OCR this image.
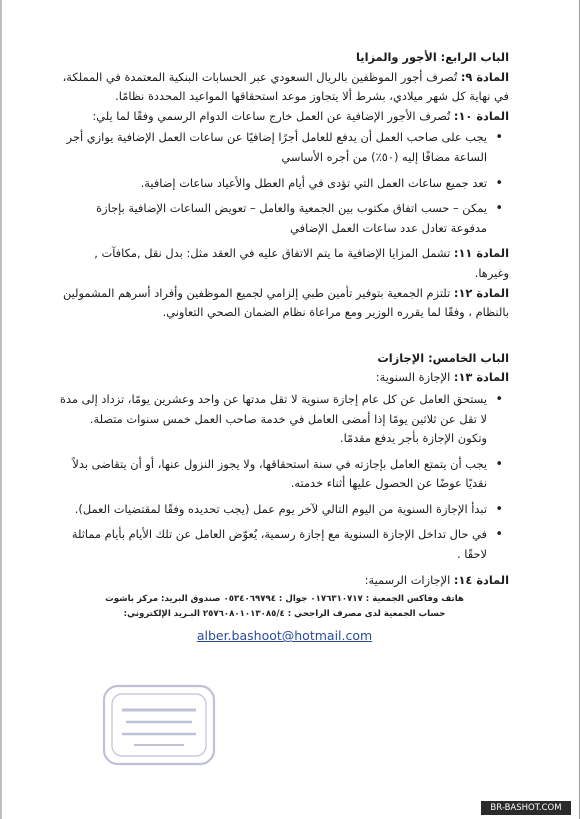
الباب الرابع: الأجور والمزايا

المادة ٩: تُصرف أجور الموظفين بالريال السعودي عبر الحسابات البنكية المعتمدة في المملكة، في نهاية كل شهر ميلادي، بشرط ألا يتجاوز موعد استحقاقها المواعيد المحددة نظامًا.

المادة ١٠: تُصرف الأجور الإضافية عن العمل خارج ساعات الدوام الرسمي وفقًا لما يلي:

• يجب على صاحب العمل أن يدفع للعامل أجرًا إضافيًا عن ساعات العمل الإضافية يوازي أجر الساعة مضافًا إليه (٥٠٪) من أجره الأساسي
• تعد جميع ساعات العمل التي تؤدى في أيام العطل والأعياد ساعات إضافية.
• يمكن – حسب اتفاق مكتوب بين الجمعية والعامل – تعويض الساعات الإضافية بإجازة مدفوعة تعادل عدد ساعات العمل الإضافي

المادة ١١: تشمل المزايا الإضافية ما يتم الاتفاق عليه في العقد مثل: بدل نقل ,مكافآت , وغيرها.

المادة ١٢: تلتزم الجمعية بتوفير تأمين طبي إلزامي لجميع الموظفين وأفراد أسرهم المشمولين بالنظام ، وفقًا لما يقرره الوزير ومع مراعاة نظام الضمان الصحي التعاوني.

الباب الخامس: الإجازات

المادة ١٣: الإجازة السنوية:

• يستحق العامل عن كل عام إجازة سنوية لا تقل مدتها عن واحد وعشرين يومًا، تزداد إلى مدة لا تقل عن ثلاثين يومًا إذا أمضى العامل في خدمة صاحب العمل خمس سنوات متصلة. وتكون الإجازة بأجر يدفع مقدمًا.
• يجب أن يتمتع العامل بإجازته في سنة استحقاقها، ولا يجوز النزول عنها، أو أن يتقاضى بدلاً نقديًا عوضًا عن الحصول عليها أثناء خدمته.
• تبدأ الإجازة السنوية من اليوم التالي لآخر يوم عمل (يجب تحديده وفقًا لمقتضيات العمل).
• في حال تداخل الإجازة السنوية مع إجازة رسمية، يُعوّض العامل عن تلك الأيام بأيام مماثلة لاحقًا .

المادة ١٤: الإجازات الرسمية:

هاتف وفاكس الجمعية : ٠١٧٦٣١٠٧١٧ جوال : ٠٥٣٤٠٦٩٧٩٤ صندوق البريد: مركز باشوت
حساب الجمعية لدى مصرف الراجحي : ٢٥٧٦٠٨٠١٠١٣٠٨٥/٤ البـريد الإلكتروني:
alber.bashoot@hotmail.com
BR-BASHOT.COM
